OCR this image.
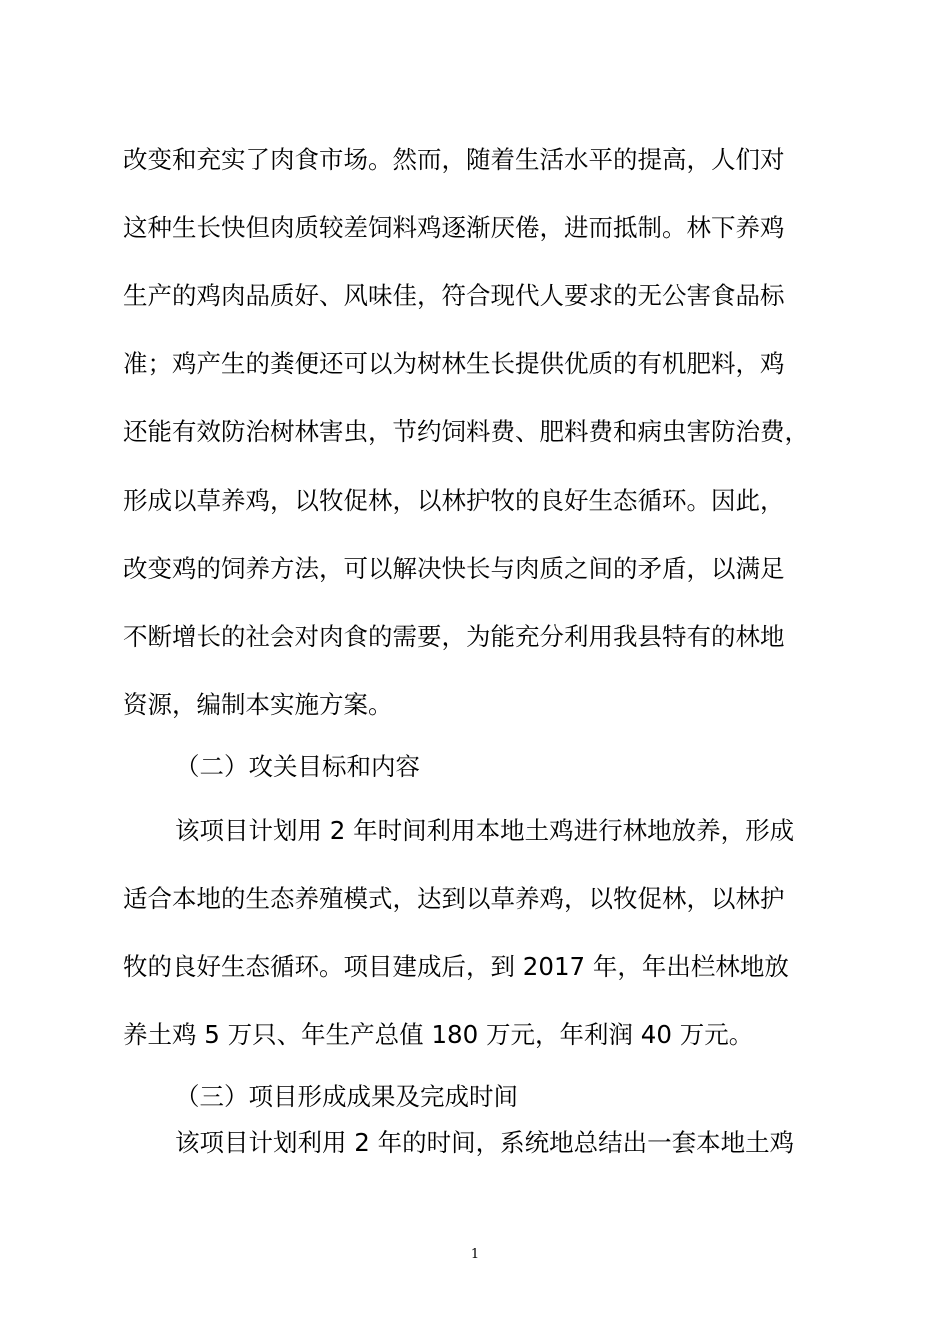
改变和充实了肉食市场。然而，随着生活水平的提高，人们对
这种生长快但肉质较差饲料鸡逐渐厌倦，进而抵制。林下养鸡
生产的鸡肉品质好、风味佳，符合现代人要求的无公害食品标
准；鸡产生的粪便还可以为树林生长提供优质的有机肥料，鸡
还能有效防治树林害虫，节约饲料费、肥料费和病虫害防治费，
形成以草养鸡，以牧促林，以林护牧的良好生态循环。因此，
改变鸡的饲养方法，可以解决快长与肉质之间的矛盾，以满足
不断增长的社会对肉食的需要，为能充分利用我县特有的林地
资源，编制本实施方案。
（二）攻关目标和内容
该项目计划用 2 年时间利用本地土鸡进行林地放养，形成
适合本地的生态养殖模式，达到以草养鸡，以牧促林，以林护
牧的良好生态循环。项目建成后，到 2017 年，年出栏林地放
养土鸡 5 万只、年生产总值 180 万元，年利润 40 万元。
（三）项目形成成果及完成时间
该项目计划利用 2 年的时间，系统地总结出一套本地土鸡
1
